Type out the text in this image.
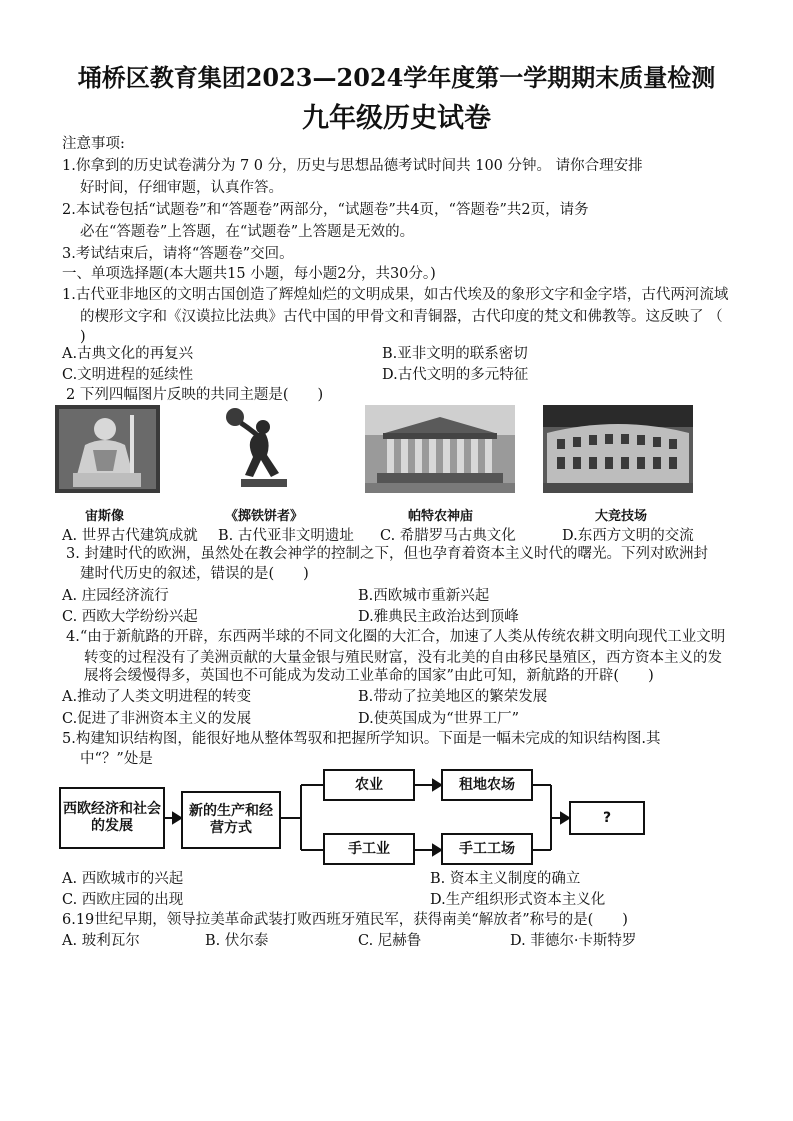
埇桥区教育集团2023—2024学年度第一学期期末质量检测
九年级历史试卷
注意事项:
1.你拿到的历史试卷满分为 7 0 分，历史与思想品德考试时间共 100 分钟。 请你合理安排
好时间，仔细审题，认真作答。
2.本试卷包括“试题卷”和“答题卷”两部分，“试题卷”共4页，“答题卷”共2页，请务
必在“答题卷”上答题，在“试题卷”上答题是无效的。
3.考试结束后，请将“答题卷”交回。
一、单项选择题(本大题共15 小题，每小题2分，共30分。)
1.古代亚非地区的文明古国创造了辉煌灿烂的文明成果，如古代埃及的象形文字和金字塔，古代两河流域
的楔形文字和《汉谟拉比法典》古代中国的甲骨文和青铜器，古代印度的梵文和佛教等。这反映了 （
)
A.古典文化的再复兴	B.亚非文明的联系密切
C.文明进程的延续性	D.古代文明的多元特征
2 下列四幅图片反映的共同主题是(　　)
宙斯像	《掷铁饼者》	帕特农神庙	大竞技场
A. 世界古代建筑成就 B. 古代亚非文明遗址 C. 希腊罗马古典文化	D.东西方文明的交流
3. 封建时代的欧洲，虽然处在教会神学的控制之下，但也孕育着资本主义时代的曙光。下列对欧洲封
建时代历史的叙述，错误的是(　　)
A. 庄园经济流行	B.西欧城市重新兴起
C. 西欧大学纷纷兴起	D.雅典民主政治达到顶峰
4.“由于新航路的开辟，东西两半球的不同文化圈的大汇合，加速了人类从传统农耕文明向现代工业文明
转变的过程没有了美洲贡献的大量金银与殖民财富，没有北美的自由移民垦殖区，西方资本主义的发
展将会缓慢得多，英国也不可能成为发动工业革命的国家”由此可知，新航路的开辟(　　)
A.推动了人类文明进程的转变	B.带动了拉美地区的繁荣发展
C.促进了非洲资本主义的发展	D.使英国成为“世界工厂”
5.构建知识结构图，能很好地从整体驾驭和把握所学知识。下面是一幅未完成的知识结构图.其
中“？”处是
西欧经济和社会的发展
新的生产和经营方式
农业	租地农场
手工业	手工工场
?
A. 西欧城市的兴起	B. 资本主义制度的确立
C. 西欧庄园的出现	D.生产组织形式资本主义化
6.19世纪早期，领导拉美革命武装打败西班牙殖民军，获得南美“解放者”称号的是(　　)
A. 玻利瓦尔	B. 伏尔泰	C. 尼赫鲁	D. 菲德尔·卡斯特罗
